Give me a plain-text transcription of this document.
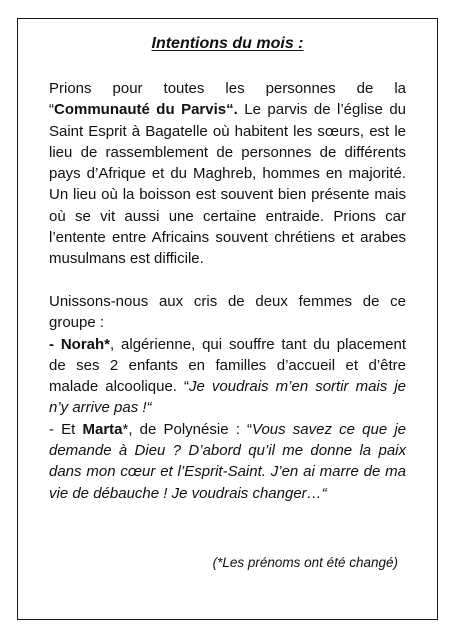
Intentions du mois :

Prions pour toutes les personnes de la “Communauté du Parvis“. Le parvis de l’église du Saint Esprit à Bagatelle où habitent les sœurs, est le lieu de rassemblement de personnes de différents pays d’Afrique et du Maghreb, hommes en majorité. Un lieu où la boisson est souvent bien présente mais où se vit aussi une certaine entraide. Prions car l’entente entre Africains souvent chrétiens et arabes musulmans est difficile.

Unissons-nous aux cris de deux femmes de ce groupe :

- Norah*, algérienne, qui souffre tant du placement de ses 2 enfants en familles d’accueil et d’être malade alcoolique. “Je voudrais m’en sortir mais je n’y arrive pas !“

- Et Marta*, de Polynésie : “Vous savez ce que je demande à Dieu ? D’abord qu’il me donne la paix dans mon cœur et l’Esprit-Saint. J’en ai marre de ma vie de débauche ! Je voudrais changer…“

(*Les prénoms ont été changé)
